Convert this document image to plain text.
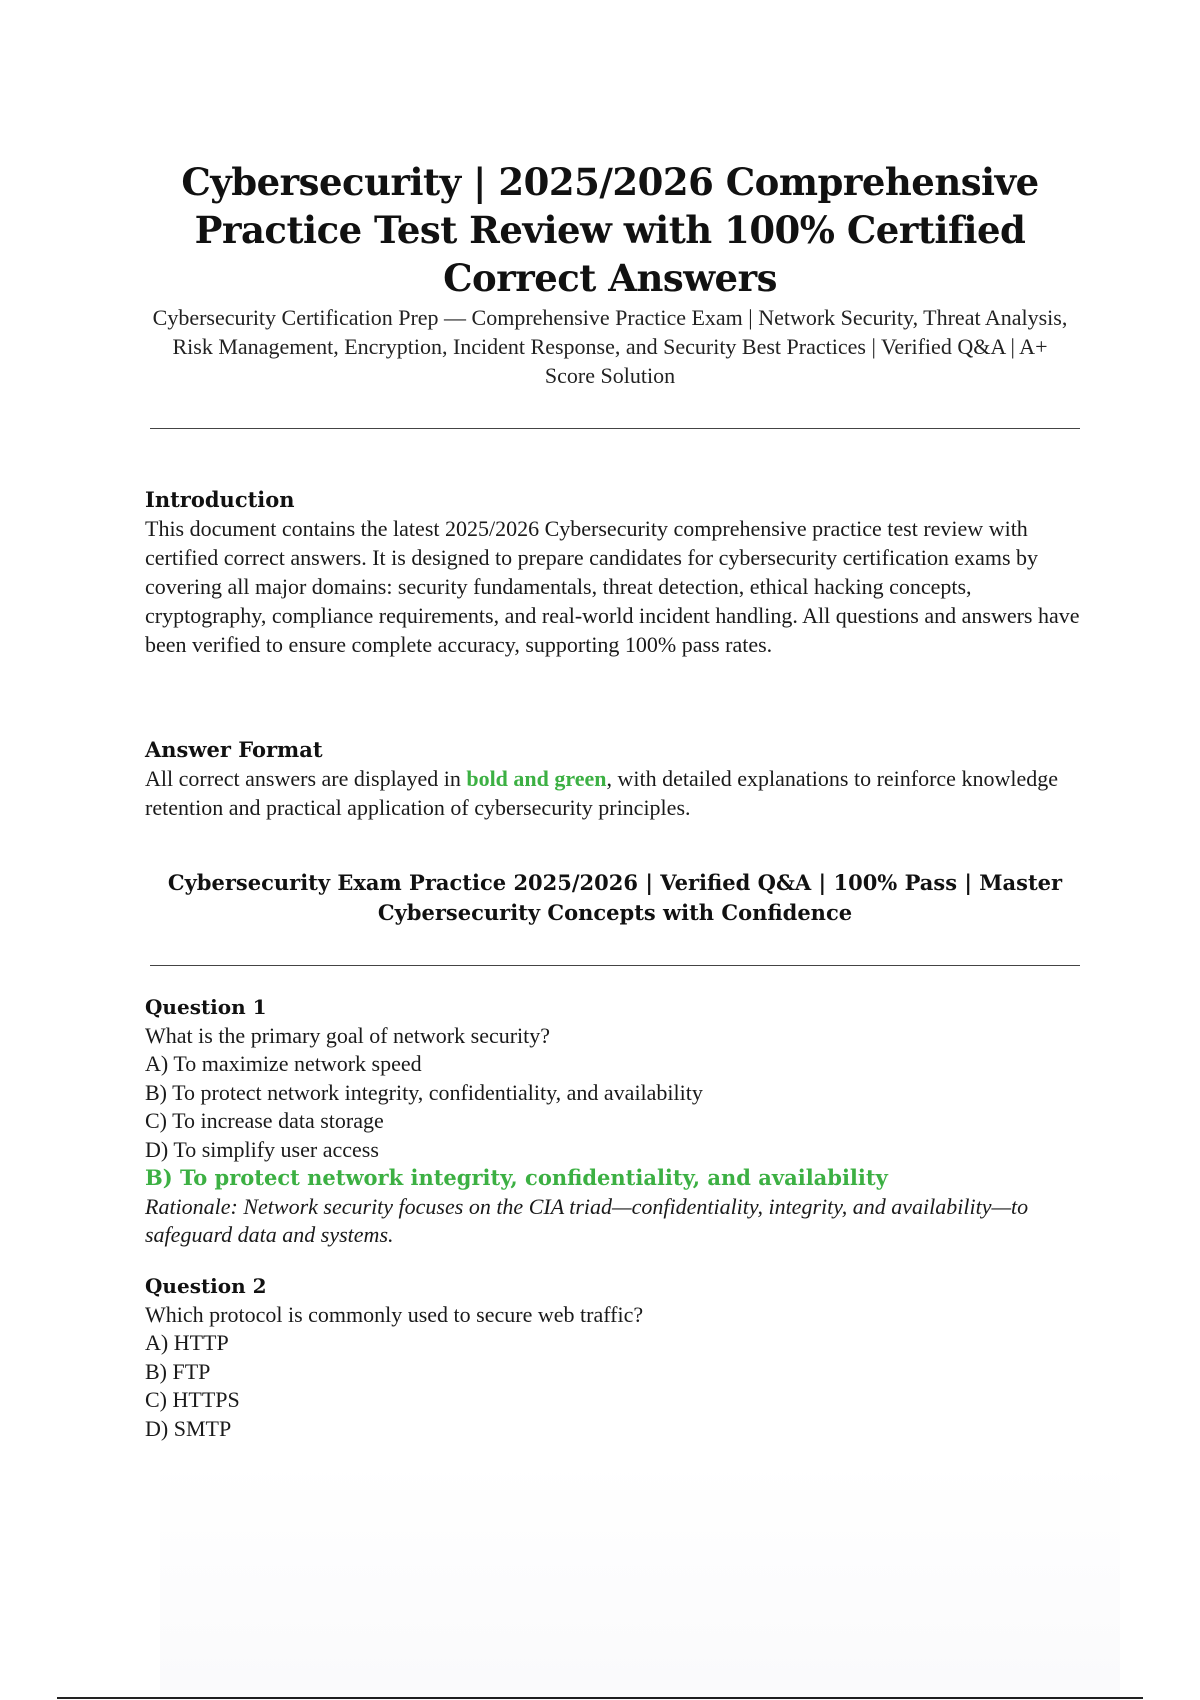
Cybersecurity | 2025/2026 Comprehensive Practice Test Review with 100% Certified Correct Answers

Cybersecurity Certification Prep — Comprehensive Practice Exam | Network Security, Threat Analysis, Risk Management, Encryption, Incident Response, and Security Best Practices | Verified Q&A | A+ Score Solution

Introduction

This document contains the latest 2025/2026 Cybersecurity comprehensive practice test review with certified correct answers. It is designed to prepare candidates for cybersecurity certification exams by covering all major domains: security fundamentals, threat detection, ethical hacking concepts, cryptography, compliance requirements, and real-world incident handling. All questions and answers have been verified to ensure complete accuracy, supporting 100% pass rates.

Answer Format

All correct answers are displayed in bold and green, with detailed explanations to reinforce knowledge retention and practical application of cybersecurity principles.

Cybersecurity Exam Practice 2025/2026 | Verified Q&A | 100% Pass | Master Cybersecurity Concepts with Confidence

Question 1

What is the primary goal of network security?

A) To maximize network speed

B) To protect network integrity, confidentiality, and availability

C) To increase data storage

D) To simplify user access

B) To protect network integrity, confidentiality, and availability

Rationale: Network security focuses on the CIA triad—confidentiality, integrity, and availability—to safeguard data and systems.

Question 2

Which protocol is commonly used to secure web traffic?

A) HTTP

B) FTP

C) HTTPS

D) SMTP
